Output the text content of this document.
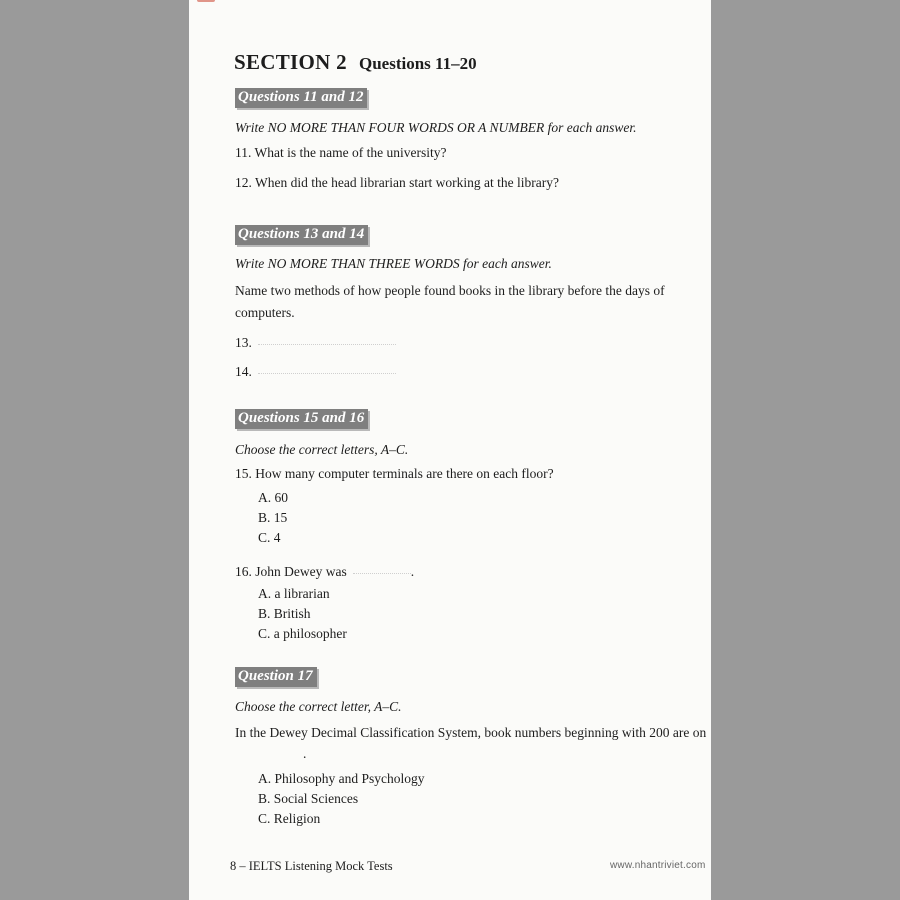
SECTION 2 Questions 11–20
Questions 11 and 12
Write NO MORE THAN FOUR WORDS OR A NUMBER for each answer.
11. What is the name of the university?
12. When did the head librarian start working at the library?
Questions 13 and 14
Write NO MORE THAN THREE WORDS for each answer.
Name two methods of how people found books in the library before the days of
computers.
13.
14.
Questions 15 and 16
Choose the correct letters, A–C.
15. How many computer terminals are there on each floor?
A. 60
B. 15
C. 4
16. John Dewey was	.
A. a librarian
B. British
C. a philosopher
Question 17
Choose the correct letter, A–C.
In the Dewey Decimal Classification System, book numbers beginning with 200 are on
.
A. Philosophy and Psychology
B. Social Sciences
C. Religion
8 – IELTS Listening Mock Tests	www.nhantriviet.com
